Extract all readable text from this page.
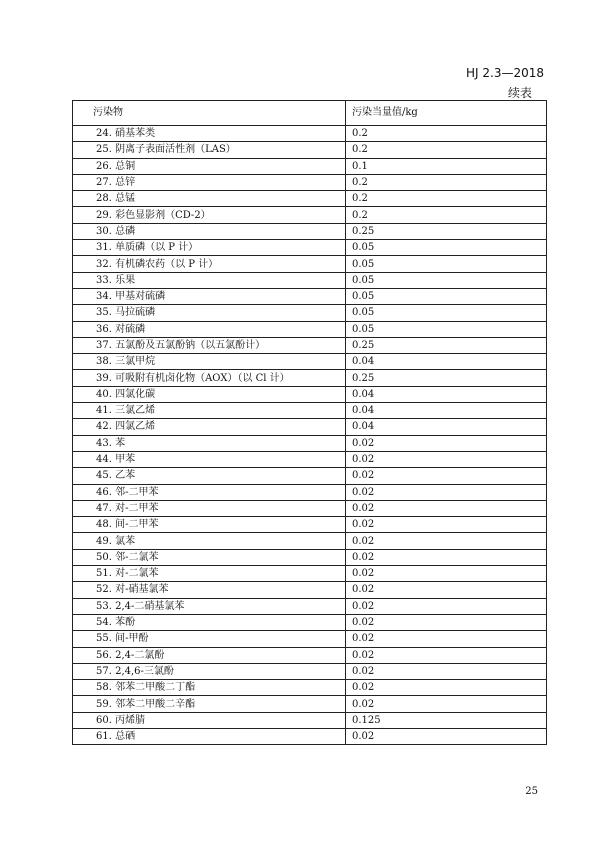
HJ 2.3—2018
续表
污染物	污染当量值/kg
24. 硝基苯类	0.2
25. 阴离子表面活性剂（LAS）	0.2
26. 总铜	0.1
27. 总锌	0.2
28. 总锰	0.2
29. 彩色显影剂（CD-2）	0.2
30. 总磷	0.25
31. 单质磷（以 P 计）	0.05
32. 有机磷农药（以 P 计）	0.05
33. 乐果	0.05
34. 甲基对硫磷	0.05
35. 马拉硫磷	0.05
36. 对硫磷	0.05
37. 五氯酚及五氯酚钠（以五氯酚计）	0.25
38. 三氯甲烷	0.04
39. 可吸附有机卤化物（AOX）（以 Cl 计）	0.25
40. 四氯化碳	0.04
41. 三氯乙烯	0.04
42. 四氯乙烯	0.04
43. 苯	0.02
44. 甲苯	0.02
45. 乙苯	0.02
46. 邻-二甲苯	0.02
47. 对-二甲苯	0.02
48. 间-二甲苯	0.02
49. 氯苯	0.02
50. 邻-二氯苯	0.02
51. 对-二氯苯	0.02
52. 对-硝基氯苯	0.02
53. 2,4-二硝基氯苯	0.02
54. 苯酚	0.02
55. 间-甲酚	0.02
56. 2,4-二氯酚	0.02
57. 2,4,6-三氯酚	0.02
58. 邻苯二甲酸二丁酯	0.02
59. 邻苯二甲酸二辛酯	0.02
60. 丙烯腈	0.125
61. 总硒	0.02
25
